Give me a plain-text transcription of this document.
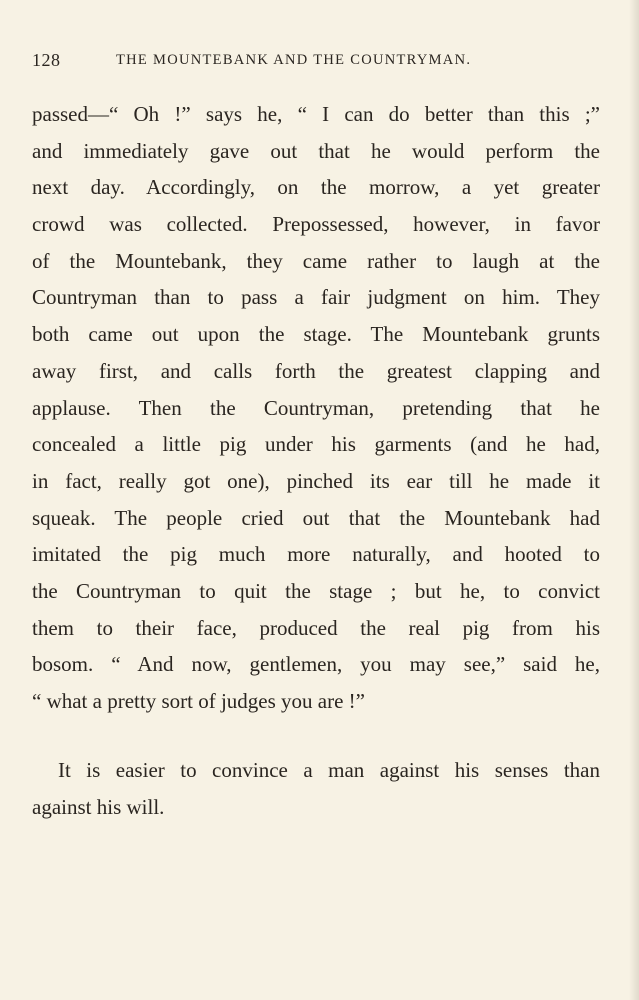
128	THE MOUNTEBANK AND THE COUNTRYMAN.
passed—“ Oh !” says he, “ I can do better than this ;”
and immediately gave out that he would perform the
next day. Accordingly, on the morrow, a yet greater
crowd was collected. Prepossessed, however, in favor
of the Mountebank, they came rather to laugh at the
Countryman than to pass a fair judgment on him. They
both came out upon the stage. The Mountebank grunts
away first, and calls forth the greatest clapping and
applause. Then the Countryman, pretending that he
concealed a little pig under his garments (and he had,
in fact, really got one), pinched its ear till he made it
squeak. The people cried out that the Mountebank had
imitated the pig much more naturally, and hooted to
the Countryman to quit the stage ; but he, to convict
them to their face, produced the real pig from his
bosom. “ And now, gentlemen, you may see,” said he,
“ what a pretty sort of judges you are !”
It is easier to convince a man against his senses than
against his will.
